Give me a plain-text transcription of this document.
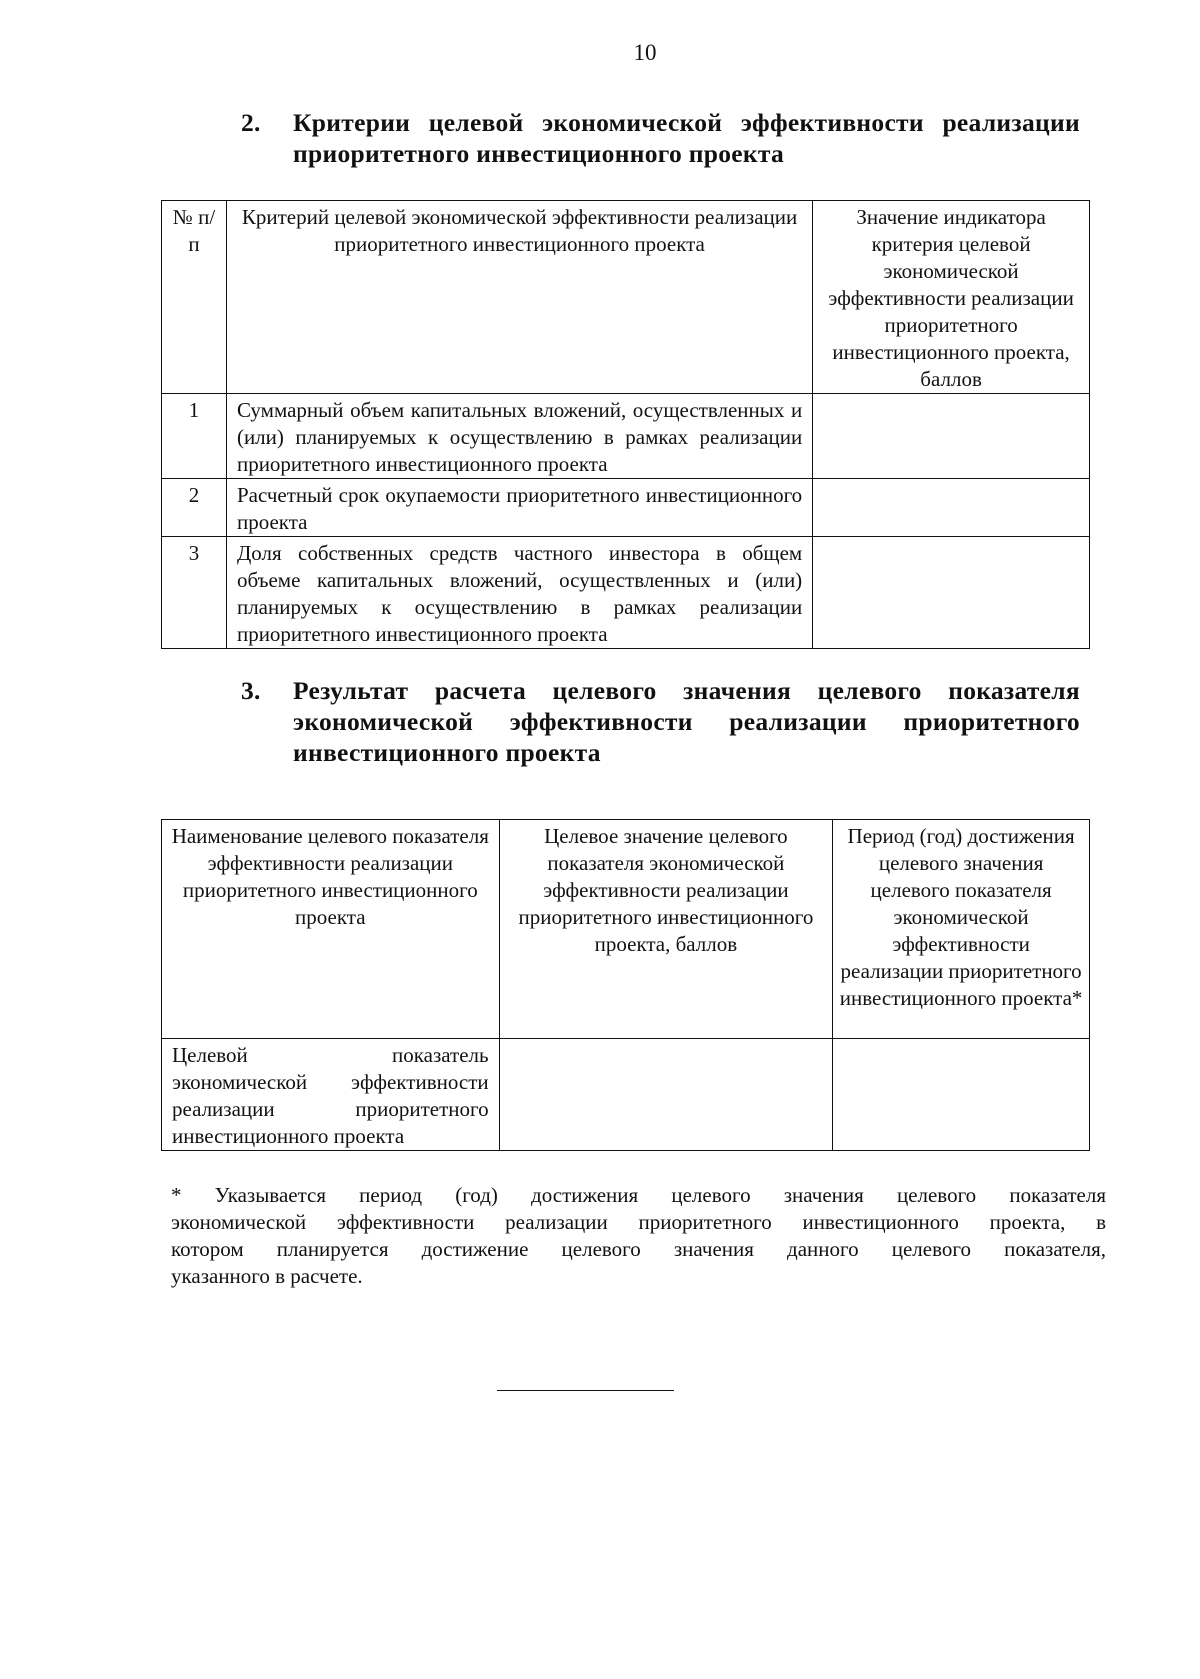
10
2. Критерии целевой экономической эффективности реализации
приоритетного инвестиционного проекта
№ п/п	Критерий целевой экономической эффективности реализации приоритетного инвестиционного проекта	Значение индикатора критерия целевой экономической эффективности реализации приоритетного инвестиционного проекта, баллов
1	Суммарный объем капитальных вложений, осуществленных и (или) планируемых к осуществлению в рамках реализации приоритетного инвестиционного проекта	
2	Расчетный срок окупаемости приоритетного инвестиционного проекта	
3	Доля собственных средств частного инвестора в общем объеме капитальных вложений, осуществленных и (или) планируемых к осуществлению в рамках реализации приоритетного инвестиционного проекта	
3. Результат расчета целевого значения целевого показателя
экономической эффективности реализации приоритетного
инвестиционного проекта
Наименование целевого показателя эффективности реализации приоритетного инвестиционного проекта	Целевое значение целевого показателя экономической эффективности реализации приоритетного инвестиционного проекта, баллов	Период (год) достижения целевого значения целевого показателя экономической эффективности реализации приоритетного инвестиционного проекта*
Целевой показатель экономической эффективности реализации приоритетного инвестиционного проекта		
* Указывается период (год) достижения целевого значения целевого показателя
экономической эффективности реализации приоритетного инвестиционного проекта, в
котором планируется достижение целевого значения данного целевого показателя,
указанного в расчете.
